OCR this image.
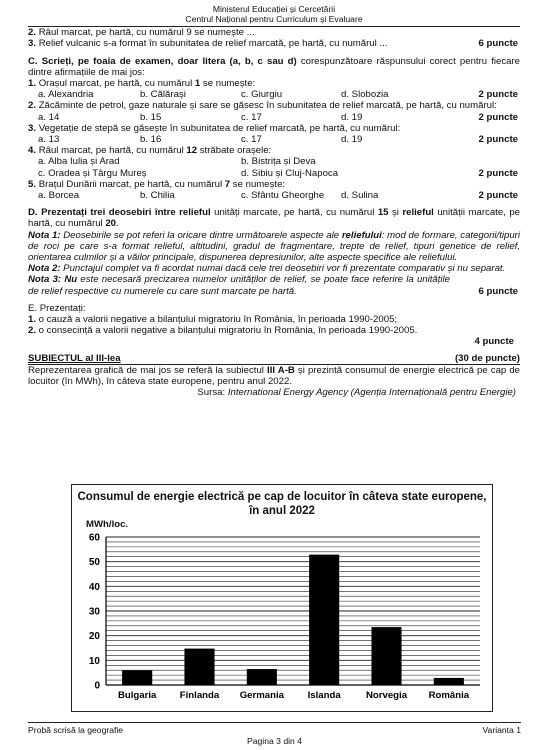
Ministerul Educației și Cercetării
Centrul Național pentru Curriculum și Evaluare
2. Râul marcat, pe hartă, cu numărul 9 se numește ...
3. Relief vulcanic s-a format în subunitatea de relief marcată, pe hartă, cu numărul ...	6 puncte
C. Scrieți, pe foaia de examen, doar litera (a, b, c sau d) corespunzătoare răspunsului corect pentru fiecare dintre afirmațiile de mai jos:
1. Orașul marcat, pe hartă, cu numărul 1 se numește:
a. Alexandria	b. Călărași	c. Giurgiu	d. Slobozia	2 puncte
2. Zăcăminte de petrol, gaze naturale și sare se găsesc în subunitatea de relief marcată, pe hartă, cu numărul:
a. 14	b. 15	c. 17	d. 19	2 puncte
3. Vegetație de stepă se găsește în subunitatea de relief marcată, pe hartă, cu numărul:
a. 13	b. 16	c. 17	d. 19	2 puncte
4. Râul marcat, pe hartă, cu numărul 12 străbate orașele:
a. Alba Iulia și Arad	b. Bistrița și Deva
c. Oradea și Târgu Mureș	d. Sibiu și Cluj-Napoca	2 puncte
5. Brațul Dunării marcat, pe hartă, cu numărul 7 se numește:
a. Borcea	b. Chilia	c. Sfântu Gheorghe d. Sulina	2 puncte
D. Prezentați trei deosebiri între relieful unități marcate, pe hartă, cu numărul 15 și relieful unității marcate, pe hartă, cu numărul 20.
Nota 1: Deosebirile se pot referi la oricare dintre următoarele aspecte ale reliefului: mod de formare, categorii/tipuri de roci pe care s-a format relieful, altitudini, gradul de fragmentare, trepte de relief, tipuri genetice de relief, orientarea culmilor și a văilor principale, dispunerea depresiunilor, alte aspecte specifice ale reliefului.
Nota 2: Punctajul complet va fi acordat numai dacă cele trei deosebiri vor fi prezentate comparativ și nu separat.
Nota 3: Nu este necesară precizarea numelor unităților de relief, se poate face referire la unitățile de relief respective cu numerele cu care sunt marcate pe hartă.	6 puncte
E. Prezentați:
1. o cauză a valorii negative a bilanțului migratoriu în România, în perioada 1990-2005;
2. o consecință a valorii negative a bilanțului migratoriu în România, în perioada 1990-2005.
4 puncte
SUBIECTUL al III-lea	(30 de puncte)
Reprezentarea grafică de mai jos se referă la subiectul III A-B și prezintă consumul de energie electrică pe cap de locuitor (în MWh), în câteva state europene, pentru anul 2022.
Sursa: International Energy Agency (Agenția Internațională pentru Energie)
Consumul de energie electrică pe cap de locuitor în câteva state europene, în anul 2022
MWh/loc.
0
10
20
30
40
50
60
Bulgaria Finlanda Germania Islanda	Norvegia România
Probă scrisă la geografie	Varianta 1
Pagina 3 din 4
